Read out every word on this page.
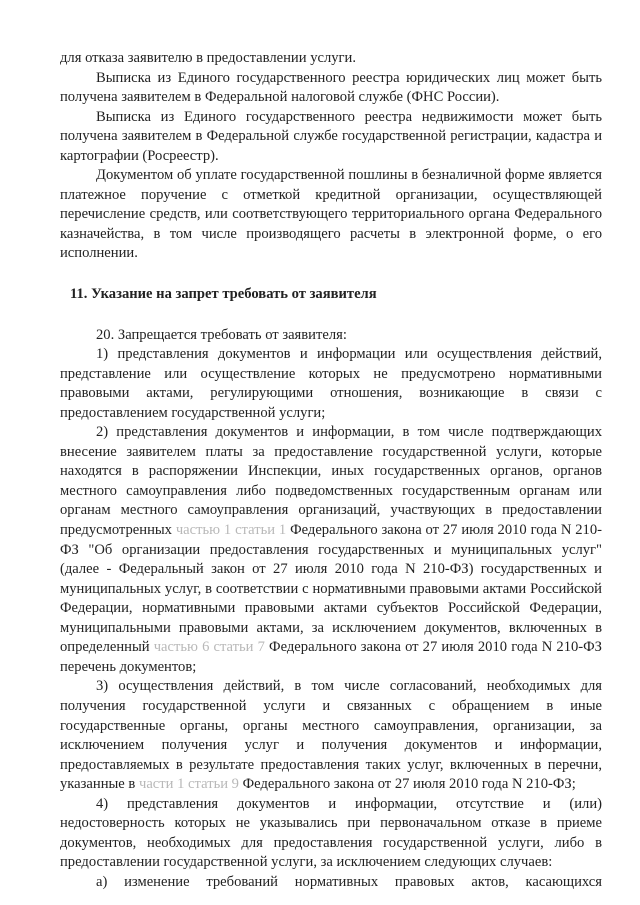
для отказа заявителю в предоставлении услуги.

Выписка из Единого государственного реестра юридических лиц может быть получена заявителем в Федеральной налоговой службе (ФНС России).

Выписка из Единого государственного реестра недвижимости может быть получена заявителем в Федеральной службе государственной регистрации, кадастра и картографии (Росреестр).

Документом об уплате государственной пошлины в безналичной форме является платежное поручение с отметкой кредитной организации, осуществляющей перечисление средств, или соответствующего территориального органа Федерального казначейства, в том числе производящего расчеты в электронной форме, о его исполнении.

11. Указание на запрет требовать от заявителя

20. Запрещается требовать от заявителя:

1) представления документов и информации или осуществления действий, представление или осуществление которых не предусмотрено нормативными правовыми актами, регулирующими отношения, возникающие в связи с предоставлением государственной услуги;

2) представления документов и информации, в том числе подтверждающих внесение заявителем платы за предоставление государственной услуги, которые находятся в распоряжении Инспекции, иных государственных органов, органов местного самоуправления либо подведомственных государственным органам или органам местного самоуправления организаций, участвующих в предоставлении предусмотренных частью 1 статьи 1 Федерального закона от 27 июля 2010 года N 210-ФЗ "Об организации предоставления государственных и муниципальных услуг" (далее - Федеральный закон от 27 июля 2010 года N 210-ФЗ) государственных и муниципальных услуг, в соответствии с нормативными правовыми актами Российской Федерации, нормативными правовыми актами субъектов Российской Федерации, муниципальными правовыми актами, за исключением документов, включенных в определенный частью 6 статьи 7 Федерального закона от 27 июля 2010 года N 210-ФЗ перечень документов;

3) осуществления действий, в том числе согласований, необходимых для получения государственной услуги и связанных с обращением в иные государственные органы, органы местного самоуправления, организации, за исключением получения услуг и получения документов и информации, предоставляемых в результате предоставления таких услуг, включенных в перечни, указанные в части 1 статьи 9 Федерального закона от 27 июля 2010 года N 210-ФЗ;

4) представления документов и информации, отсутствие и (или) недостоверность которых не указывались при первоначальном отказе в приеме документов, необходимых для предоставления государственной услуги, либо в предоставлении государственной услуги, за исключением следующих случаев:

а) изменение требований нормативных правовых актов, касающихся
